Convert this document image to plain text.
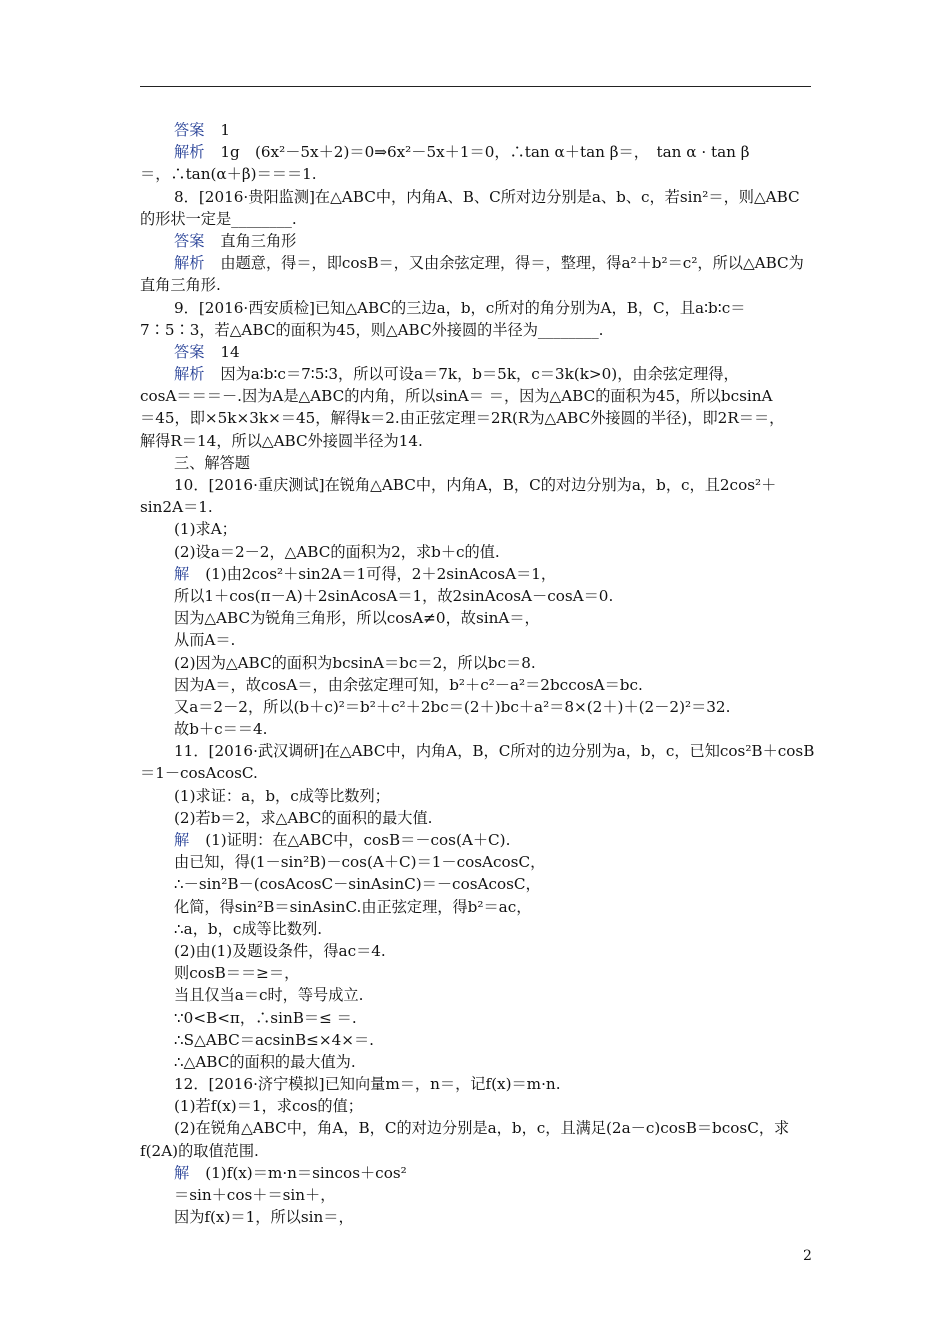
答案 1
解析 1g　(6x²－5x＋2)＝0⇒6x²－5x＋1＝0，∴tan α＋tan β＝，　tan α · tan β
＝，∴tan(α＋β)＝＝＝1.
8．[2016·贵阳监测]在△ABC中，内角A、B、C所对边分别是a、b、c，若sin²＝，则△ABC
的形状一定是________.
答案 直角三角形
解析 由题意，得＝，即cosB＝，又由余弦定理，得＝，整理，得a²＋b²＝c²，所以△ABC为
直角三角形.
9．[2016·西安质检]已知△ABC的三边a，b，c所对的角分别为A，B，C，且a∶b∶c＝
7∶5∶3，若△ABC的面积为45，则△ABC外接圆的半径为________.
答案 14
解析 因为a∶b∶c＝7∶5∶3，所以可设a＝7k，b＝5k，c＝3k(k>0)，由余弦定理得，
cosA＝＝＝－.因为A是△ABC的内角，所以sinA＝ ＝，因为△ABC的面积为45，所以bcsinA
＝45，即×5k×3k×＝45，解得k＝2.由正弦定理＝2R(R为△ABC外接圆的半径)，即2R＝＝，
解得R＝14，所以△ABC外接圆半径为14.
三、解答题
10．[2016·重庆测试]在锐角△ABC中，内角A，B，C的对边分别为a，b，c，且2cos²＋
sin2A＝1.
(1)求A；
(2)设a＝2－2，△ABC的面积为2，求b＋c的值.
解 (1)由2cos²＋sin2A＝1可得，2＋2sinAcosA＝1，
所以1＋cos(π－A)＋2sinAcosA＝1，故2sinAcosA－cosA＝0.
因为△ABC为锐角三角形，所以cosA≠0，故sinA＝，
从而A＝.
(2)因为△ABC的面积为bcsinA＝bc＝2，所以bc＝8.
因为A＝，故cosA＝，由余弦定理可知，b²＋c²－a²＝2bccosA＝bc.
又a＝2－2，所以(b＋c)²＝b²＋c²＋2bc＝(2＋)bc＋a²＝8×(2＋)＋(2－2)²＝32.
故b＋c＝＝4.
11．[2016·武汉调研]在△ABC中，内角A，B，C所对的边分别为a，b，c，已知cos²B＋cosB
＝1－cosAcosC.
(1)求证：a，b，c成等比数列；
(2)若b＝2，求△ABC的面积的最大值.
解 (1)证明：在△ABC中，cosB＝－cos(A＋C).
由已知，得(1－sin²B)－cos(A＋C)＝1－cosAcosC，
∴－sin²B－(cosAcosC－sinAsinC)＝－cosAcosC，
化简，得sin²B＝sinAsinC.由正弦定理，得b²＝ac，
∴a，b，c成等比数列.
(2)由(1)及题设条件，得ac＝4.
则cosB＝＝≥＝，
当且仅当a＝c时，等号成立.
∵0<B<π，∴sinB＝≤ ＝.
∴S△ABC＝acsinB≤×4×＝.
∴△ABC的面积的最大值为.
12．[2016·济宁模拟]已知向量m＝，n＝，记f(x)＝m·n.
(1)若f(x)＝1，求cos的值；
(2)在锐角△ABC中，角A，B，C的对边分别是a，b，c，且满足(2a－c)cosB＝bcosC，求
f(2A)的取值范围.
解 (1)f(x)＝m·n＝sincos＋cos²
＝sin＋cos＋＝sin＋，
因为f(x)＝1，所以sin＝，
2
